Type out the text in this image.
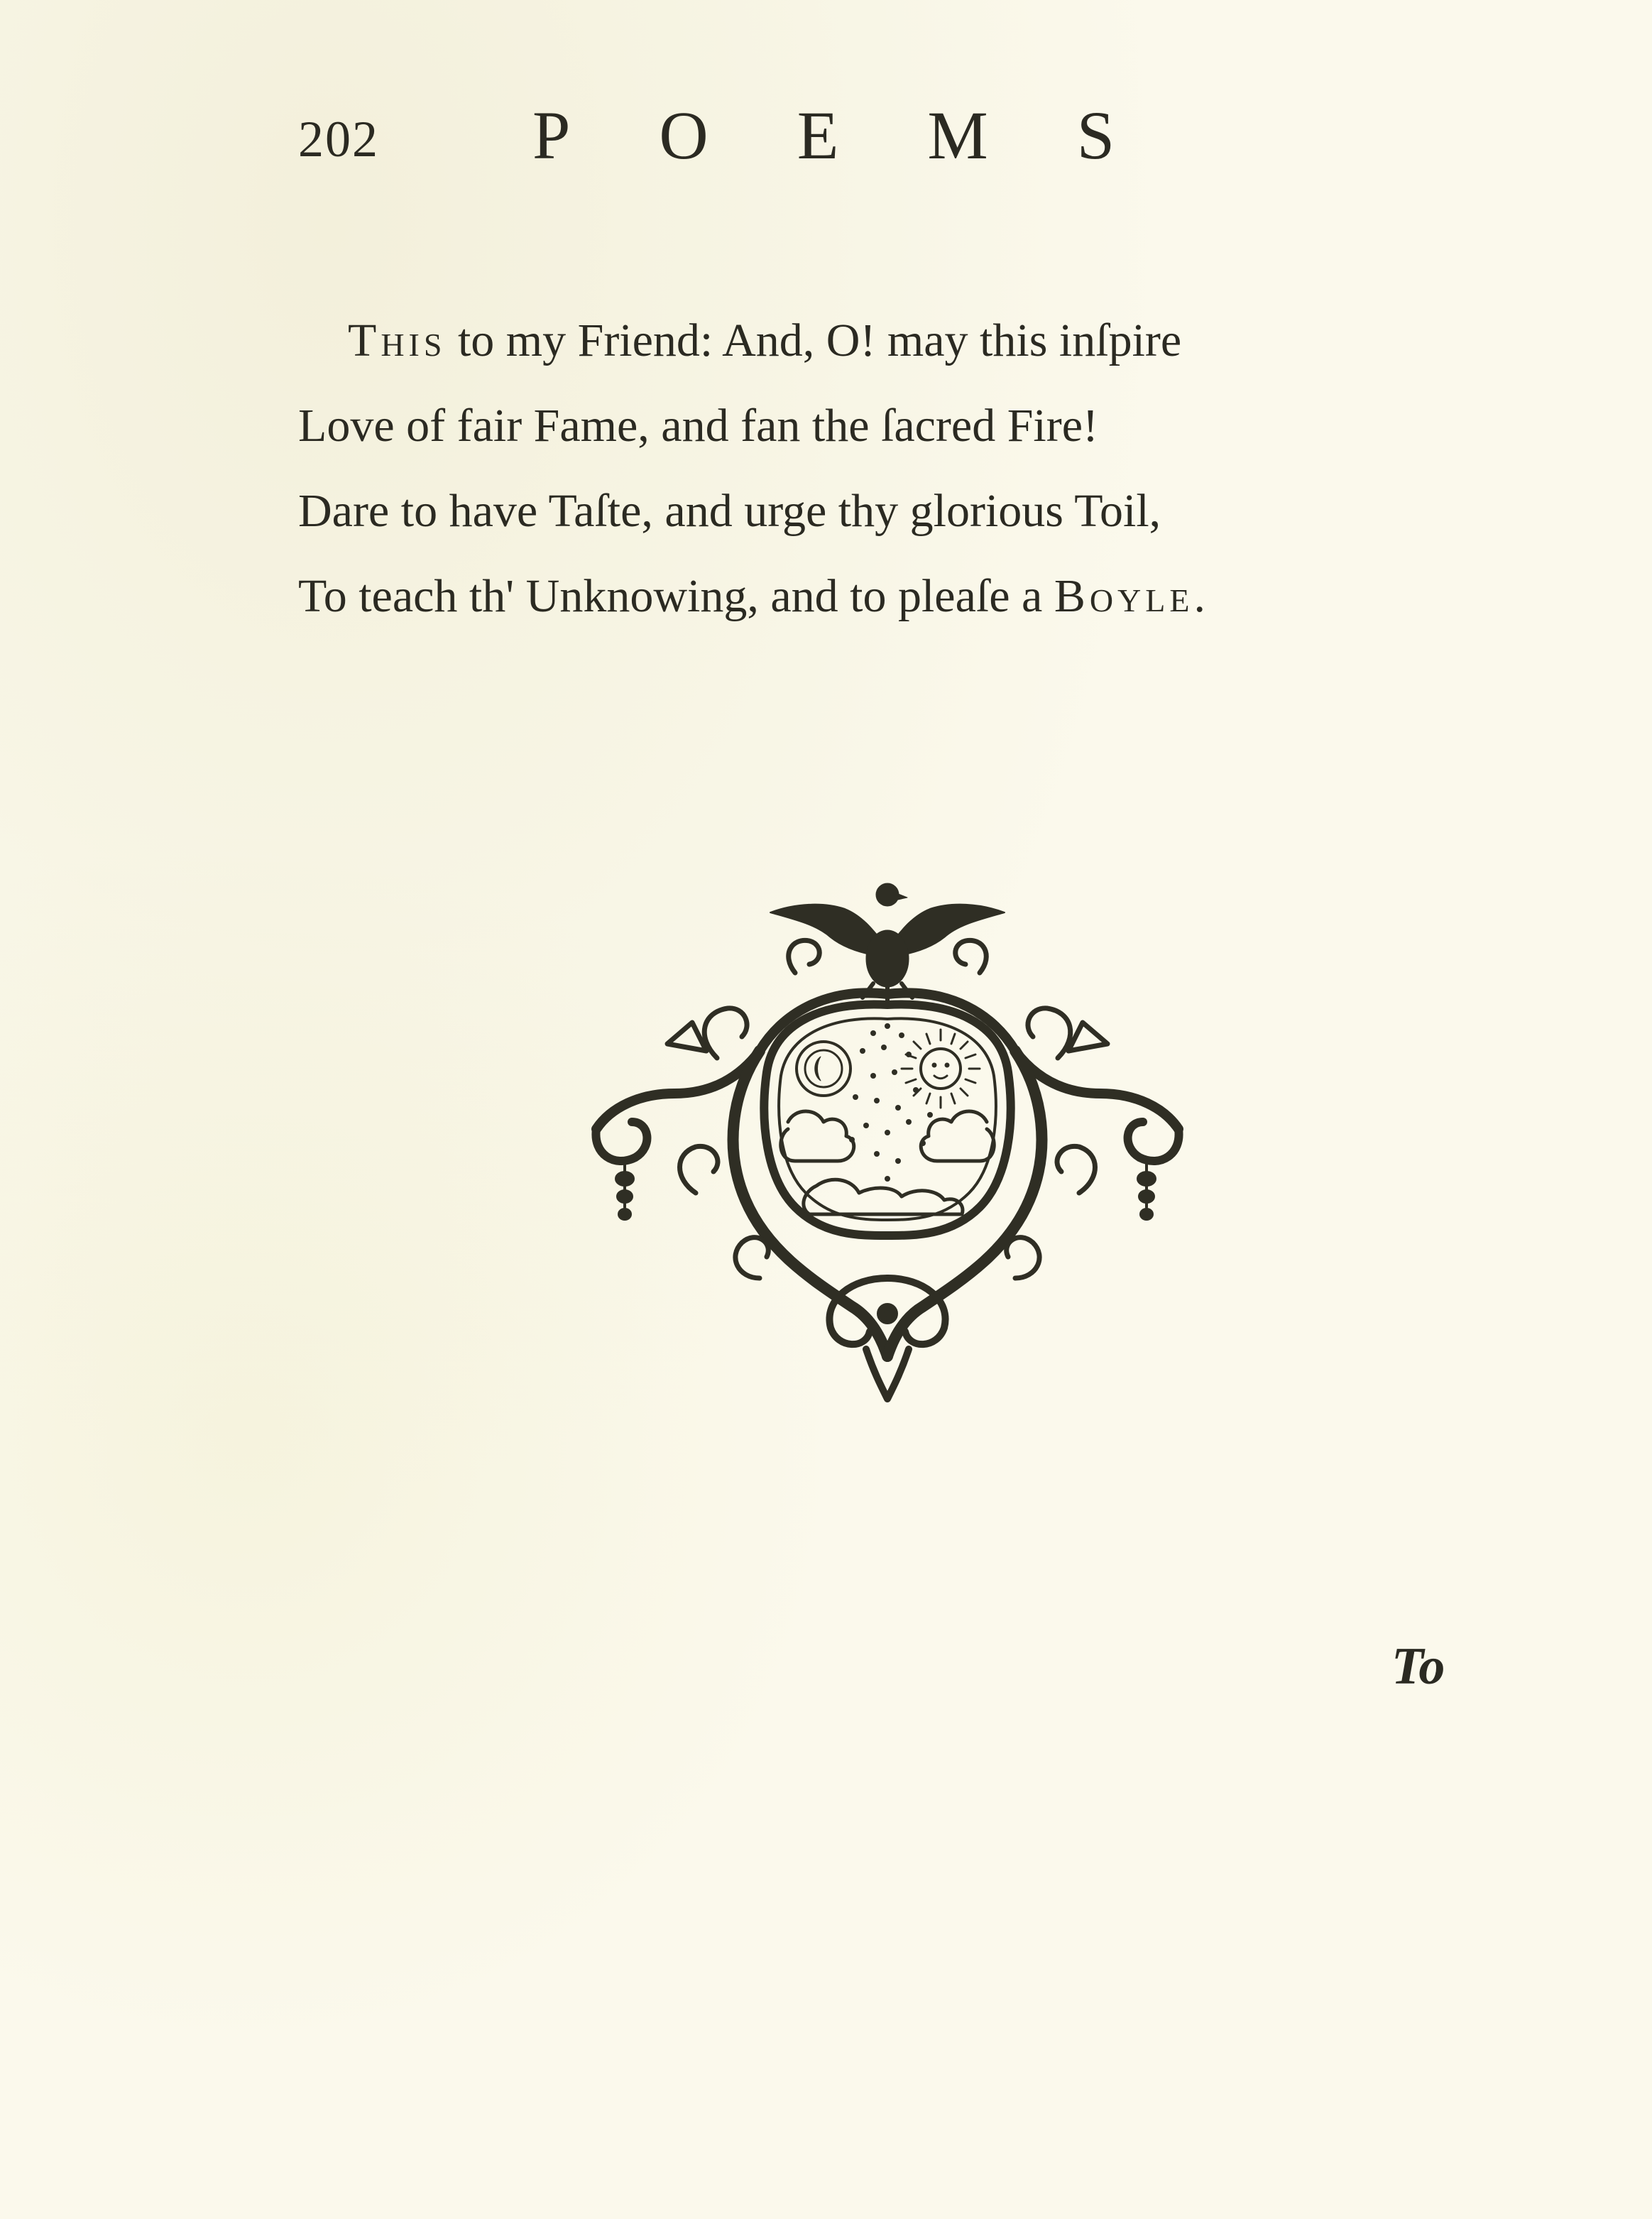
202 POEMS
This to my Friend: And, O! may this inſpire
Love of fair Fame, and fan the ſacred Fire!
Dare to have Taſte, and urge thy glorious Toil,
To teach th' Unknowing, and to pleaſe a Boyle.
To
